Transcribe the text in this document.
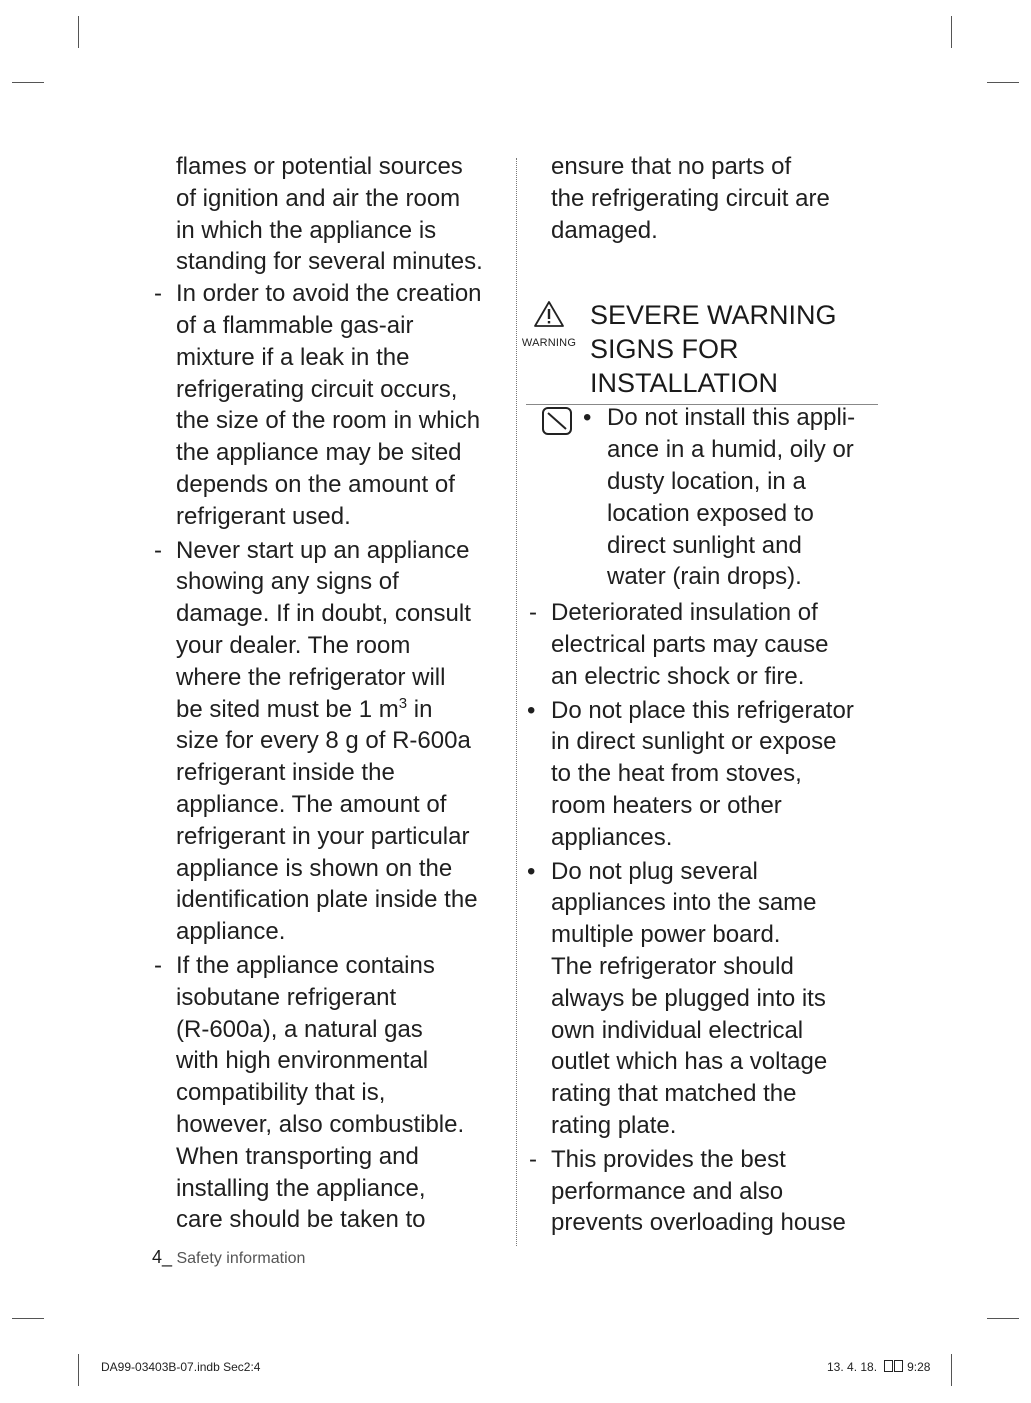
flames or potential sources
of ignition and air the room
in which the appliance is
standing for several minutes.
- In order to avoid the creation
of a flammable gas-air
mixture if a leak in the
refrigerating circuit occurs,
the size of the room in which
the appliance may be sited
depends on the amount of
refrigerant used.
- Never start up an appliance
showing any signs of
damage. If in doubt, consult
your dealer. The room
where the refrigerator will
be sited must be 1 $m^3$ in
size for every 8 g of R-600a
refrigerant inside the
appliance. The amount of
refrigerant in your particular
appliance is shown on the
identification plate inside the
appliance.
- If the appliance contains
isobutane refrigerant
(R-600a), a natural gas
with high environmental
compatibility that is,
however, also combustible.
When transporting and
installing the appliance,
care should be taken to
ensure that no parts of
the refrigerating circuit are
damaged.
WARNING
SEVERE WARNING
SIGNS FOR
INSTALLATION
• Do not install this appli-
ance in a humid, oily or
dusty location, in a
location exposed to
direct sunlight and
water (rain drops).
- Deteriorated insulation of
electrical parts may cause
an electric shock or fire.
• Do not place this refrigerator
in direct sunlight or expose
to the heat from stoves,
room heaters or other
appliances.
• Do not plug several
appliances into the same
multiple power board.
The refrigerator should
always be plugged into its
own individual electrical
outlet which has a voltage
rating that matched the
rating plate.
- This provides the best
performance and also
prevents overloading house
4_ Safety information
DA99-03403B-07.indb Sec2:4	13. 4. 18.	9:28
